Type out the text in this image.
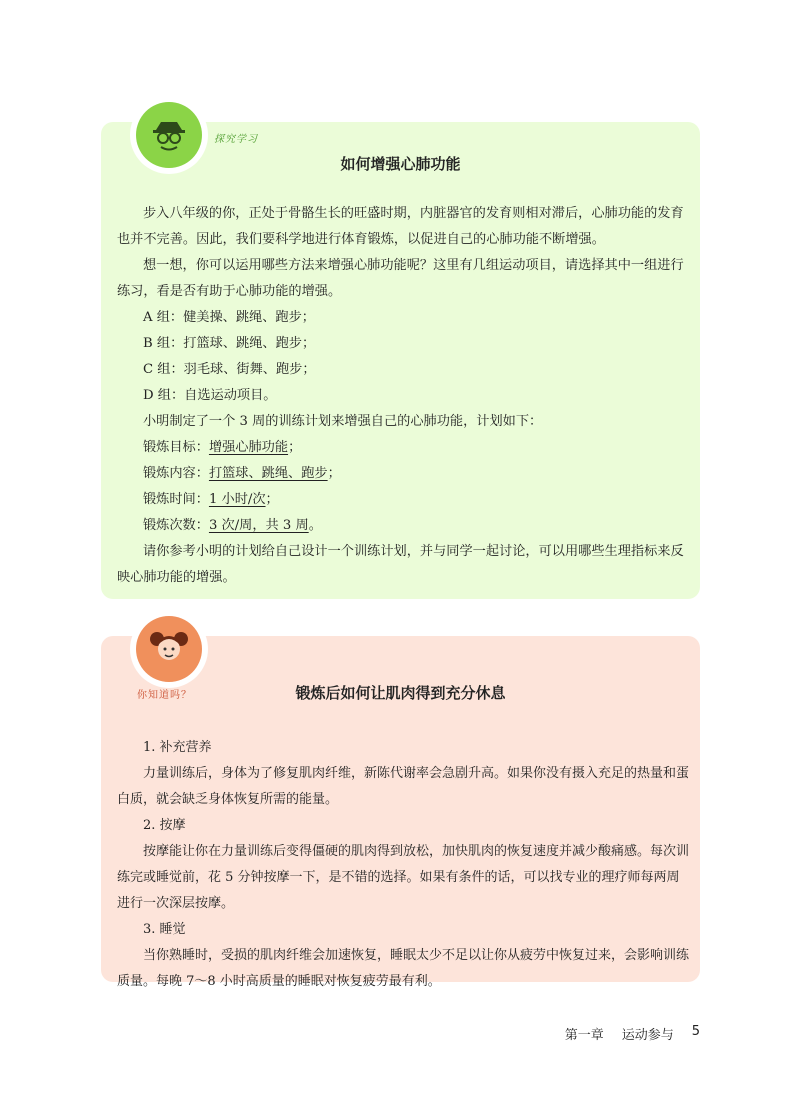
探究学习
如何增强心肺功能

步入八年级的你，正处于骨骼生长的旺盛时期，内脏器官的发育则相对滞后，心肺功能的发育也并不完善。因此，我们要科学地进行体育锻炼，以促进自己的心肺功能不断增强。

想一想，你可以运用哪些方法来增强心肺功能呢？这里有几组运动项目，请选择其中一组进行练习，看是否有助于心肺功能的增强。

A 组：健美操、跳绳、跑步；

B 组：打篮球、跳绳、跑步；

C 组：羽毛球、街舞、跑步；

D 组：自选运动项目。

小明制定了一个 3 周的训练计划来增强自己的心肺功能，计划如下：

锻炼目标：增强心肺功能；

锻炼内容：打篮球、跳绳、跑步；

锻炼时间：1 小时/次；

锻炼次数：3 次/周，共 3 周。

请你参考小明的计划给自己设计一个训练计划，并与同学一起讨论，可以用哪些生理指标来反映心肺功能的增强。

你知道吗？	锻炼后如何让肌肉得到充分休息

1. 补充营养

力量训练后，身体为了修复肌肉纤维，新陈代谢率会急剧升高。如果你没有摄入充足的热量和蛋白质，就会缺乏身体恢复所需的能量。

2. 按摩

按摩能让你在力量训练后变得僵硬的肌肉得到放松，加快肌肉的恢复速度并减少酸痛感。每次训练完或睡觉前，花 5 分钟按摩一下，是不错的选择。如果有条件的话，可以找专业的理疗师每两周进行一次深层按摩。

3. 睡觉

当你熟睡时，受损的肌肉纤维会加速恢复，睡眠太少不足以让你从疲劳中恢复过来，会影响训练质量。每晚 7～8 小时高质量的睡眠对恢复疲劳最有利。

第一章 运动参与 5
